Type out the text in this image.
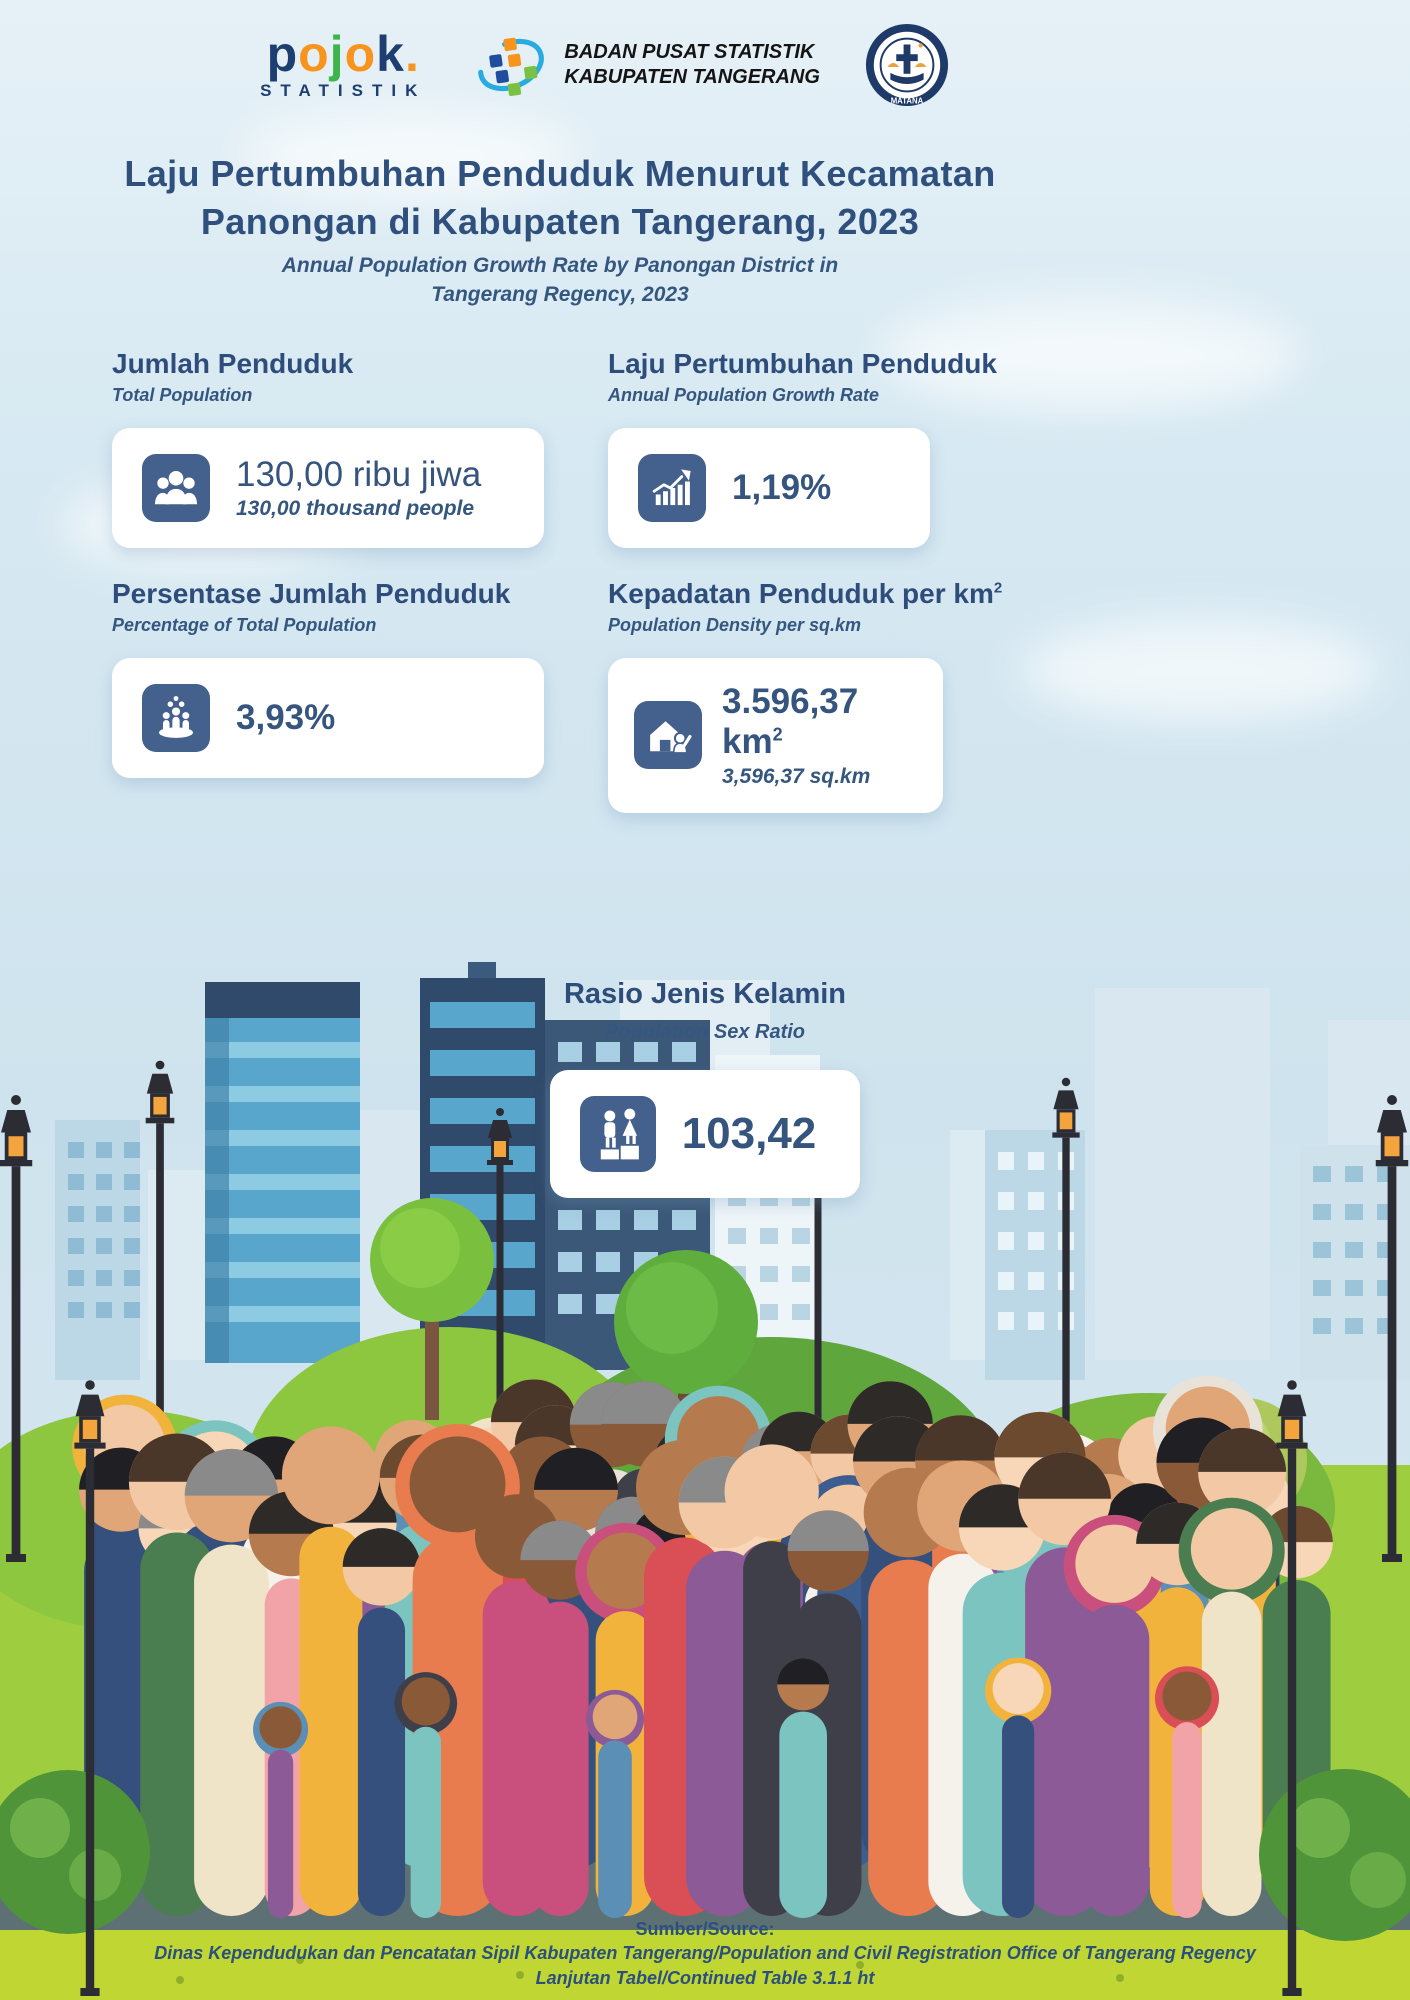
pojok.
STATISTIK
BADAN PUSAT STATISTIK
KABUPATEN TANGERANG
MATANA
Laju Pertumbuhan Penduduk Menurut Kecamatan
Panongan di Kabupaten Tangerang, 2023
Annual Population Growth Rate by Panongan District in
Tangerang Regency, 2023
Jumlah Penduduk
Total Population
130,00 ribu jiwa
130,00 thousand people
Laju Pertumbuhan Penduduk
Annual Population Growth Rate
1,19%
Persentase Jumlah Penduduk
Percentage of Total Population
3,93%
Kepadatan Penduduk per $km^2$
Population Density per sq.km
3.596,37 $km^2$
3,596,37 sq.km
Rasio Jenis Kelamin
Population Sex Ratio
103,42
Sumber/Source:
Dinas Kependudukan dan Pencatatan Sipil Kabupaten Tangerang/Population and Civil Registration Office of Tangerang Regency
Lanjutan Tabel/Continued Table 3.1.1 ht
